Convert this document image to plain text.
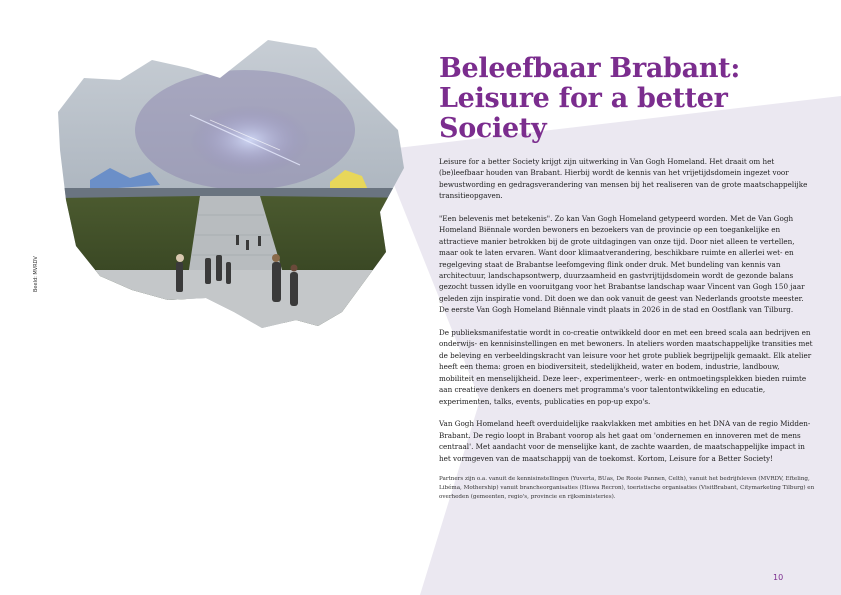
Beeld: MVRDV
Beleefbaar Brabant: Leisure for a better Society

Leisure for a better Society krijgt zijn uitwerking in Van Gogh Homeland. Het draait om het (be)leefbaar houden van Brabant. Hierbij wordt de kennis van het vrijetijdsdomein ingezet voor bewustwording en gedragsverandering van mensen bij het realiseren van de grote maatschappelijke transitieopgaven.

"Een belevenis met betekenis". Zo kan Van Gogh Homeland getypeerd worden. Met de Van Gogh Homeland Biënnale worden bewoners en bezoekers van de provincie op een toegankelijke en attractieve manier betrokken bij de grote uitdagingen van onze tijd. Door niet alleen te vertellen, maar ook te laten ervaren. Want door klimaatverandering, beschikbare ruimte en allerlei wet- en regelgeving staat de Brabantse leefomgeving flink onder druk. Met bundeling van kennis van architectuur, landschapsontwerp, duurzaamheid en gastvrijtijdsdomein wordt de gezonde balans gezocht tussen idylle en vooruitgang voor het Brabantse landschap waar Vincent van Gogh 150 jaar geleden zijn inspiratie vond. Dit doen we dan ook vanuit de geest van Nederlands grootste meester. De eerste Van Gogh Homeland Biënnale vindt plaats in 2026 in de stad en Oostflank van Tilburg.

De publieksmanifestatie wordt in co-creatie ontwikkeld door en met een breed scala aan bedrijven en onderwijs- en kennisinstellingen en met bewoners. In ateliers worden maatschappelijke transities met de beleving en verbeeldingskracht van leisure voor het grote publiek begrijpelijk gemaakt. Elk atelier heeft een thema: groen en biodiversiteit, stedelijkheid, water en bodem, industrie, landbouw, mobiliteit en menselijkheid. Deze leer-, experimenteer-, werk- en ontmoetingsplekken bieden ruimte aan creatieve denkers en doeners met programma's voor talentontwikkeling en educatie, experimenten, talks, events, publicaties en pop-up expo's.

Van Gogh Homeland heeft overduidelijke raakvlakken met ambities en het DNA van de regio Midden-Brabant. De regio loopt in Brabant voorop als het gaat om 'ondernemen en innoveren met de mens centraal'. Met aandacht voor de menselijke kant, de zachte waarden, de maatschappelijke impact in het vormgeven van de maatschappij van de toekomst. Kortom, Leisure for a Better Society!

Partners zijn o.a. vanuit de kennisinstellingen (Yuverta, BUas, De Rooie Pannen, Celth), vanuit het bedrijfsleven (MVRDV, Efteling, Libéma, Mothership) vanuit brancheorganisaties (Hiswa Recron), toeristische organisaties (VisitBrabant, Citymarketing Tilburg) en overheden (gemeenten, regio's, provincie en rijksministeries).

10
